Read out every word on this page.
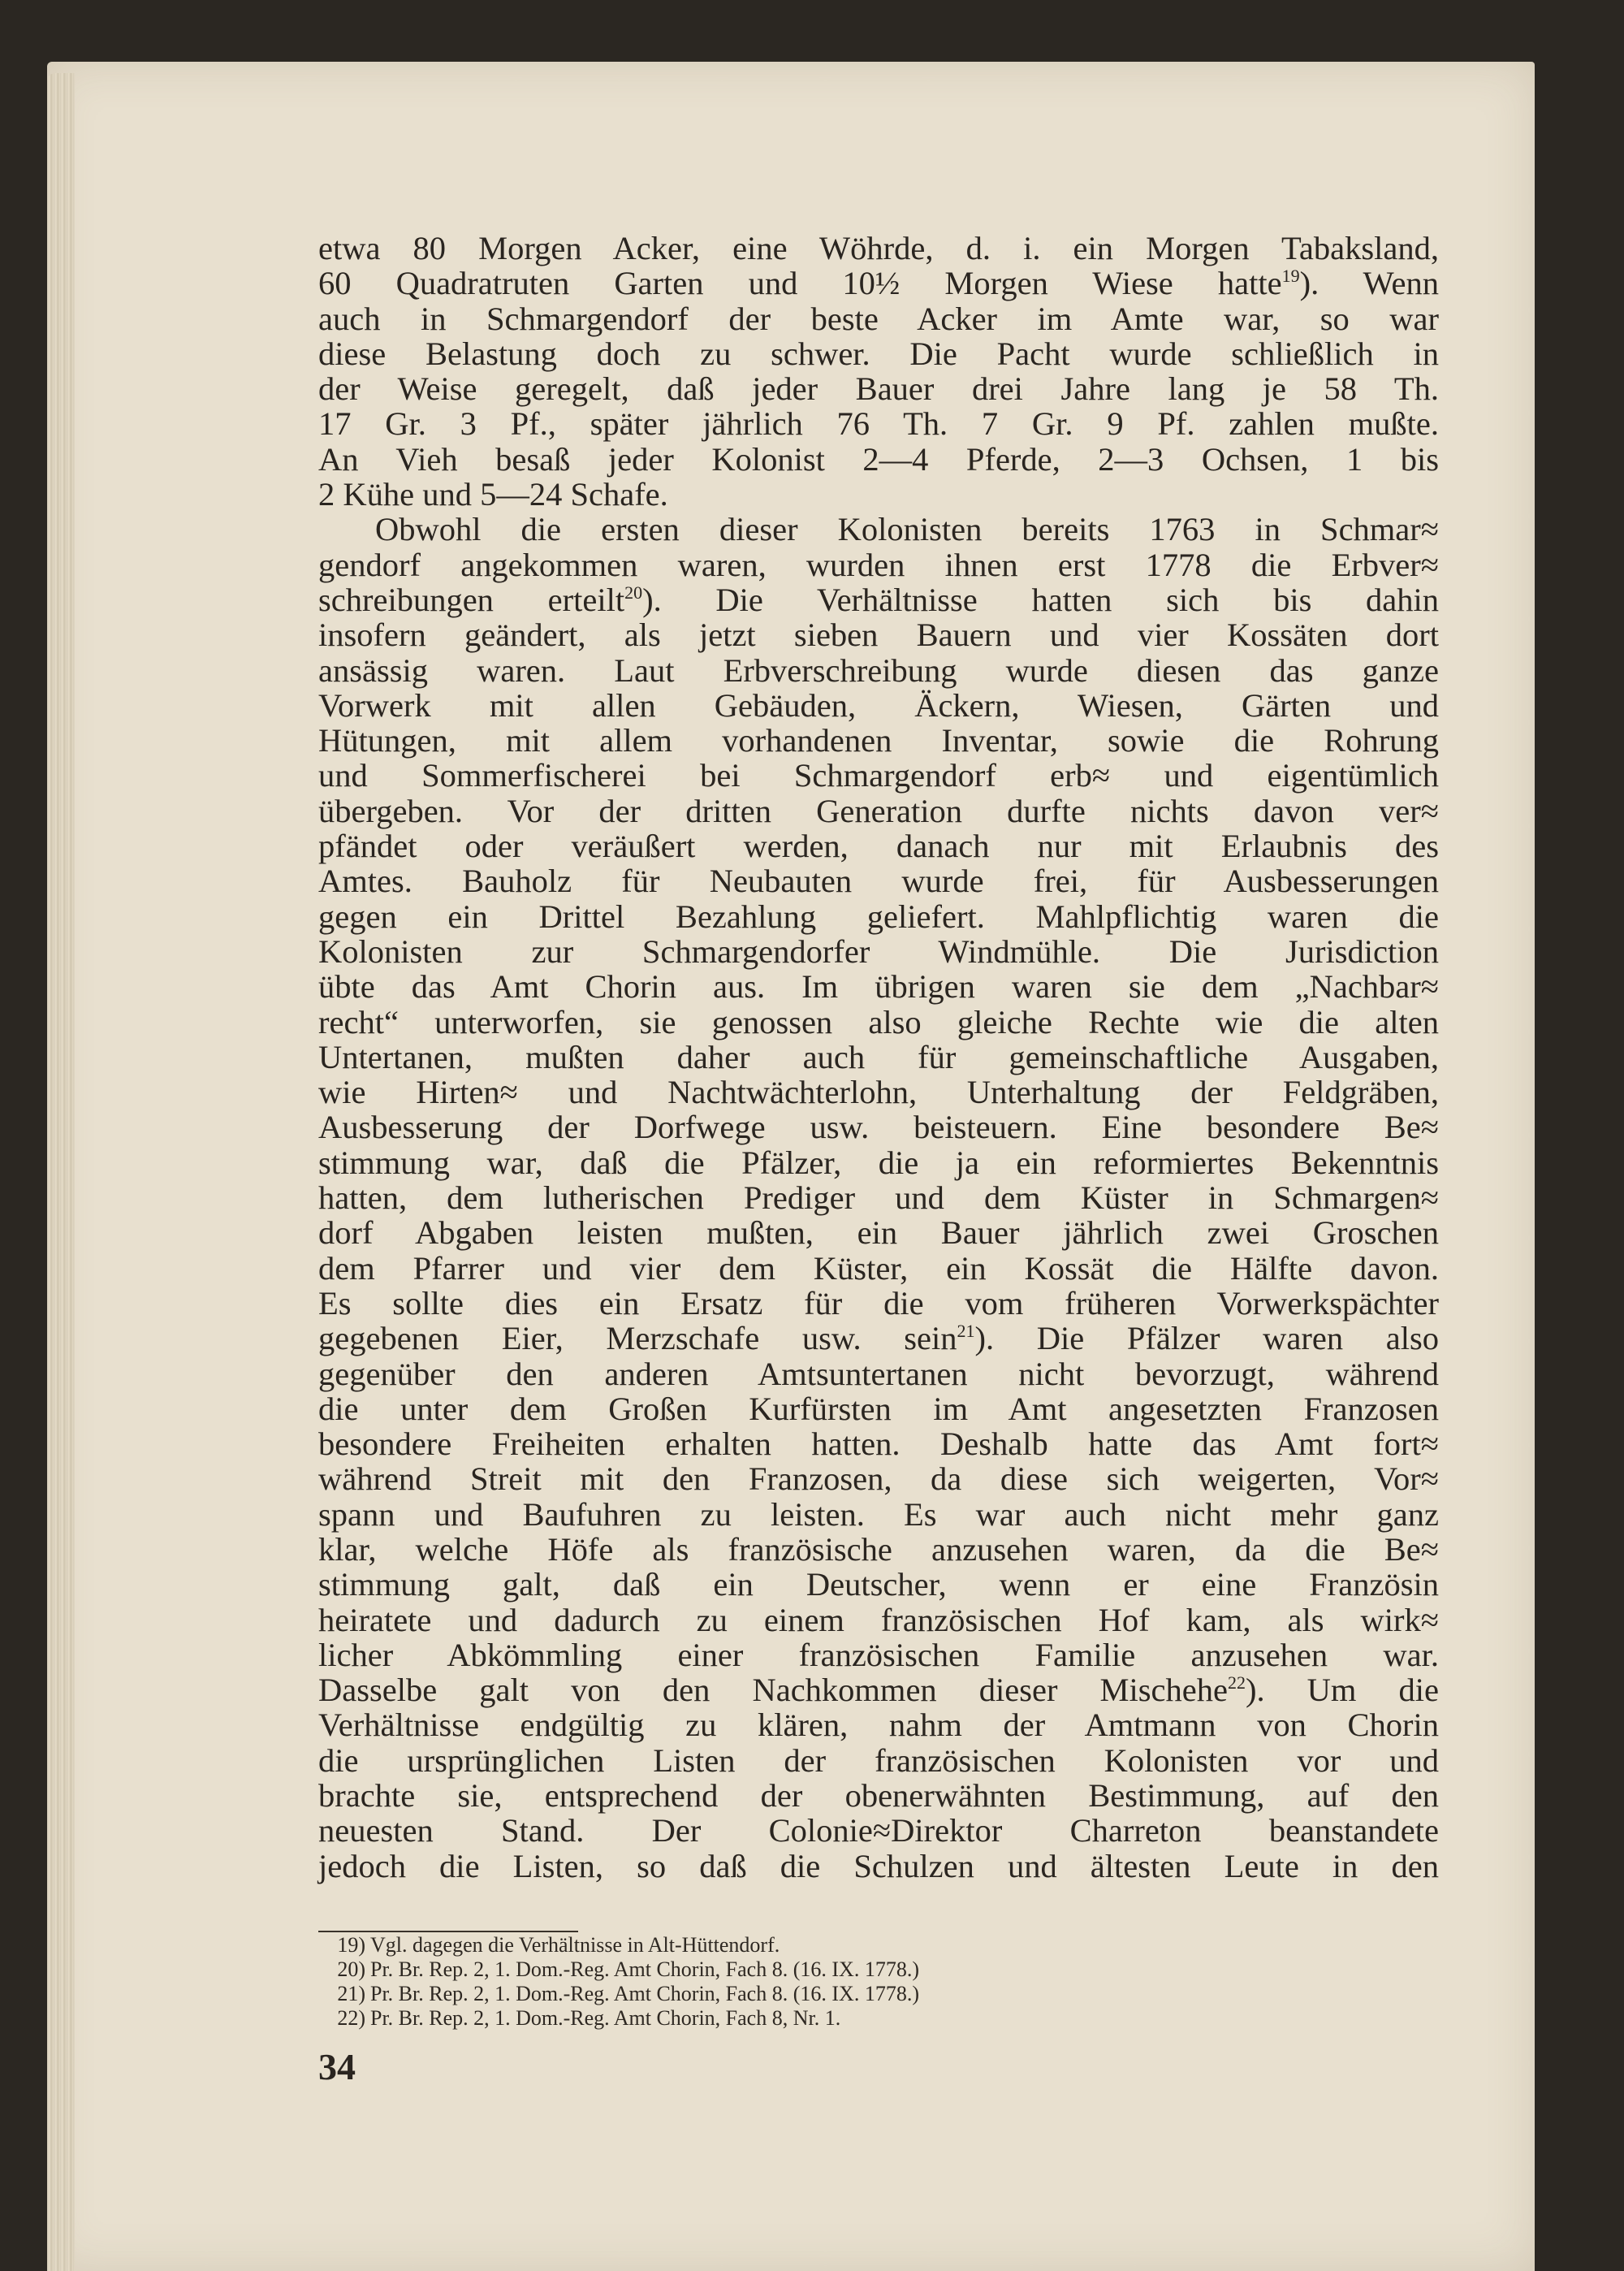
etwa 80 Morgen Acker, eine Wöhrde, d. i. ein Morgen Tabaksland,
60 Quadratruten Garten und 10½ Morgen Wiese hatte$^{19}$). Wenn
auch in Schmargendorf der beste Acker im Amte war, so war
diese Belastung doch zu schwer. Die Pacht wurde schließlich in
der Weise geregelt, daß jeder Bauer drei Jahre lang je 58 Th.
17 Gr. 3 Pf., später jährlich 76 Th. 7 Gr. 9 Pf. zahlen mußte.
An Vieh besaß jeder Kolonist 2—4 Pferde, 2—3 Ochsen, 1 bis
2 Kühe und 5—24 Schafe.

Obwohl die ersten dieser Kolonisten bereits 1763 in Schmar≈
gendorf angekommen waren, wurden ihnen erst 1778 die Erbver≈
schreibungen erteilt$^{20}$). Die Verhältnisse hatten sich bis dahin
insofern geändert, als jetzt sieben Bauern und vier Kossäten dort
ansässig waren. Laut Erbverschreibung wurde diesen das ganze
Vorwerk mit allen Gebäuden, Äckern, Wiesen, Gärten und
Hütungen, mit allem vorhandenen Inventar, sowie die Rohrung
und Sommerfischerei bei Schmargendorf erb≈ und eigentümlich
übergeben. Vor der dritten Generation durfte nichts davon ver≈
pfändet oder veräußert werden, danach nur mit Erlaubnis des
Amtes. Bauholz für Neubauten wurde frei, für Ausbesserungen
gegen ein Drittel Bezahlung geliefert. Mahlpflichtig waren die
Kolonisten zur Schmargendorfer Windmühle. Die Jurisdiction
übte das Amt Chorin aus. Im übrigen waren sie dem „Nachbar≈
recht“ unterworfen, sie genossen also gleiche Rechte wie die alten
Untertanen, mußten daher auch für gemeinschaftliche Ausgaben,
wie Hirten≈ und Nachtwächterlohn, Unterhaltung der Feldgräben,
Ausbesserung der Dorfwege usw. beisteuern. Eine besondere Be≈
stimmung war, daß die Pfälzer, die ja ein reformiertes Bekenntnis
hatten, dem lutherischen Prediger und dem Küster in Schmargen≈
dorf Abgaben leisten mußten, ein Bauer jährlich zwei Groschen
dem Pfarrer und vier dem Küster, ein Kossät die Hälfte davon.
Es sollte dies ein Ersatz für die vom früheren Vorwerkspächter
gegebenen Eier, Merzschafe usw. sein$^{21}$). Die Pfälzer waren also
gegenüber den anderen Amtsuntertanen nicht bevorzugt, während
die unter dem Großen Kurfürsten im Amt angesetzten Franzosen
besondere Freiheiten erhalten hatten. Deshalb hatte das Amt fort≈
während Streit mit den Franzosen, da diese sich weigerten, Vor≈
spann und Baufuhren zu leisten. Es war auch nicht mehr ganz
klar, welche Höfe als französische anzusehen waren, da die Be≈
stimmung galt, daß ein Deutscher, wenn er eine Französin
heiratete und dadurch zu einem französischen Hof kam, als wirk≈
licher Abkömmling einer französischen Familie anzusehen war.
Dasselbe galt von den Nachkommen dieser Mischehe$^{22}$). Um die
Verhältnisse endgültig zu klären, nahm der Amtmann von Chorin
die ursprünglichen Listen der französischen Kolonisten vor und
brachte sie, entsprechend der obenerwähnten Bestimmung, auf den
neuesten Stand. Der Colonie≈Direktor Charreton beanstandete
jedoch die Listen, so daß die Schulzen und ältesten Leute in den

19) Vgl. dagegen die Verhältnisse in Alt-Hüttendorf.
20) Pr. Br. Rep. 2, 1. Dom.-Reg. Amt Chorin, Fach 8. (16. IX. 1778.)
21) Pr. Br. Rep. 2, 1. Dom.-Reg. Amt Chorin, Fach 8. (16. IX. 1778.)
22) Pr. Br. Rep. 2, 1. Dom.-Reg. Amt Chorin, Fach 8, Nr. 1.
34
